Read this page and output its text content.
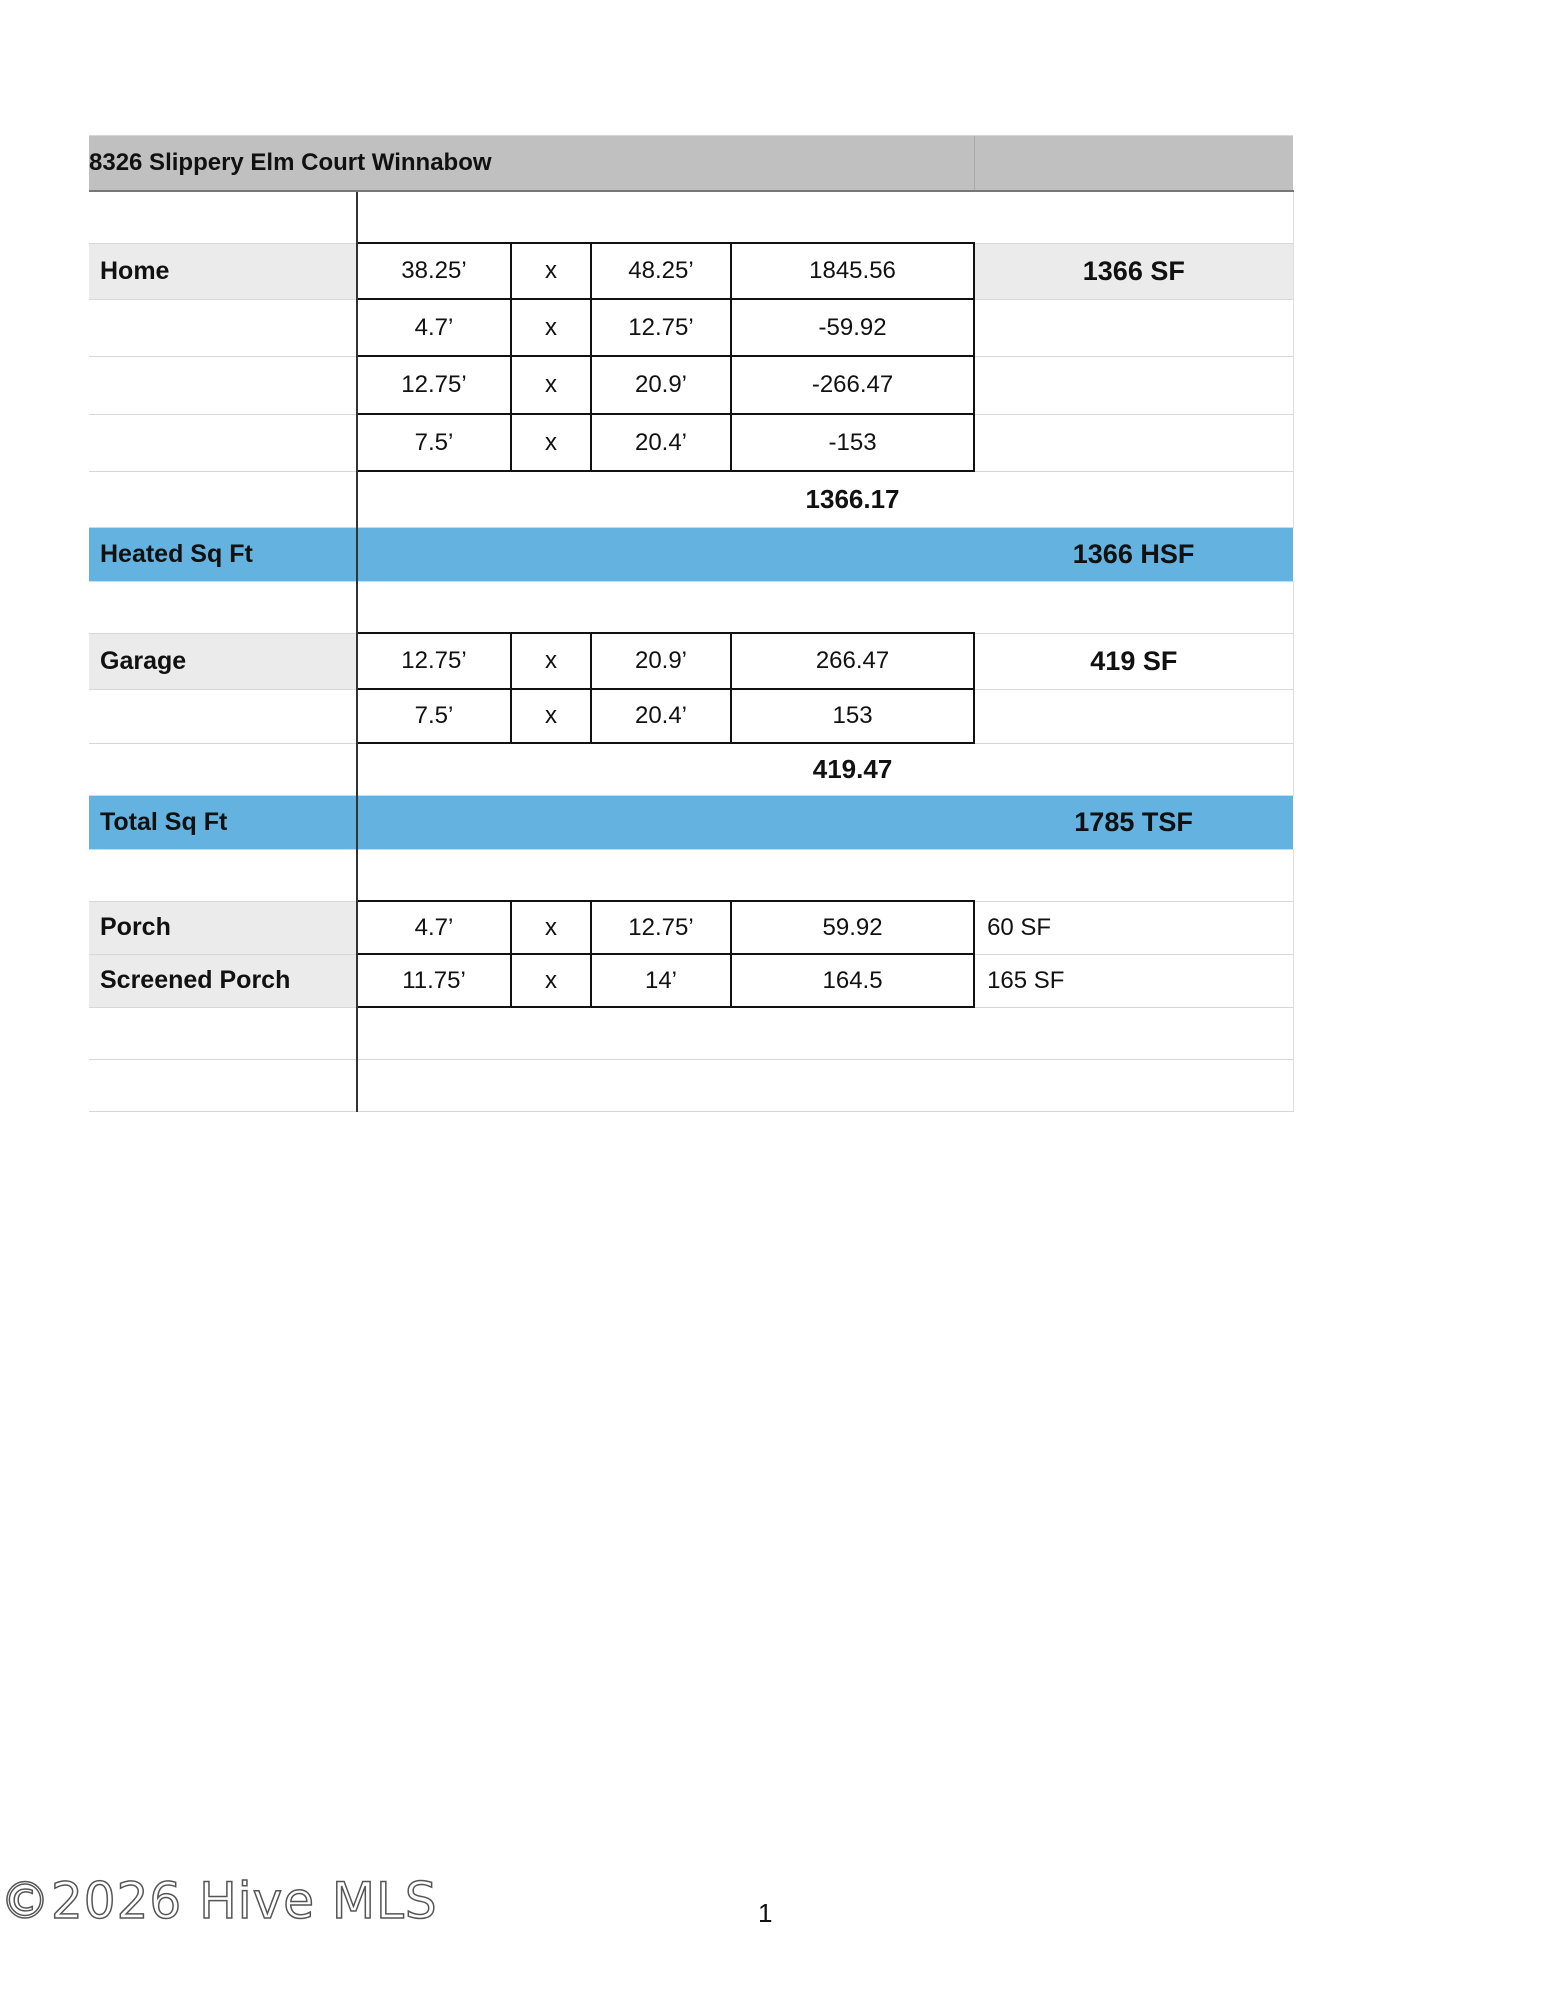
8326 Slippery Elm Court Winnabow					

Home	38.25’	x	48.25’	1845.56	1366 SF
	4.7’	x	12.75’	-59.92	
	12.75’	x	20.9’	-266.47	
	7.5’	x	20.4’	-153	
				1366.17	
Heated Sq Ft					1366 HSF

Garage	12.75’	x	20.9’	266.47	419 SF
	7.5’	x	20.4’	153	
				419.47	
Total Sq Ft					1785 TSF

Porch	4.7’	x	12.75’	59.92	60 SF
Screened Porch	11.75’	x	14’	164.5	165 SF

©2026 Hive MLS	1
